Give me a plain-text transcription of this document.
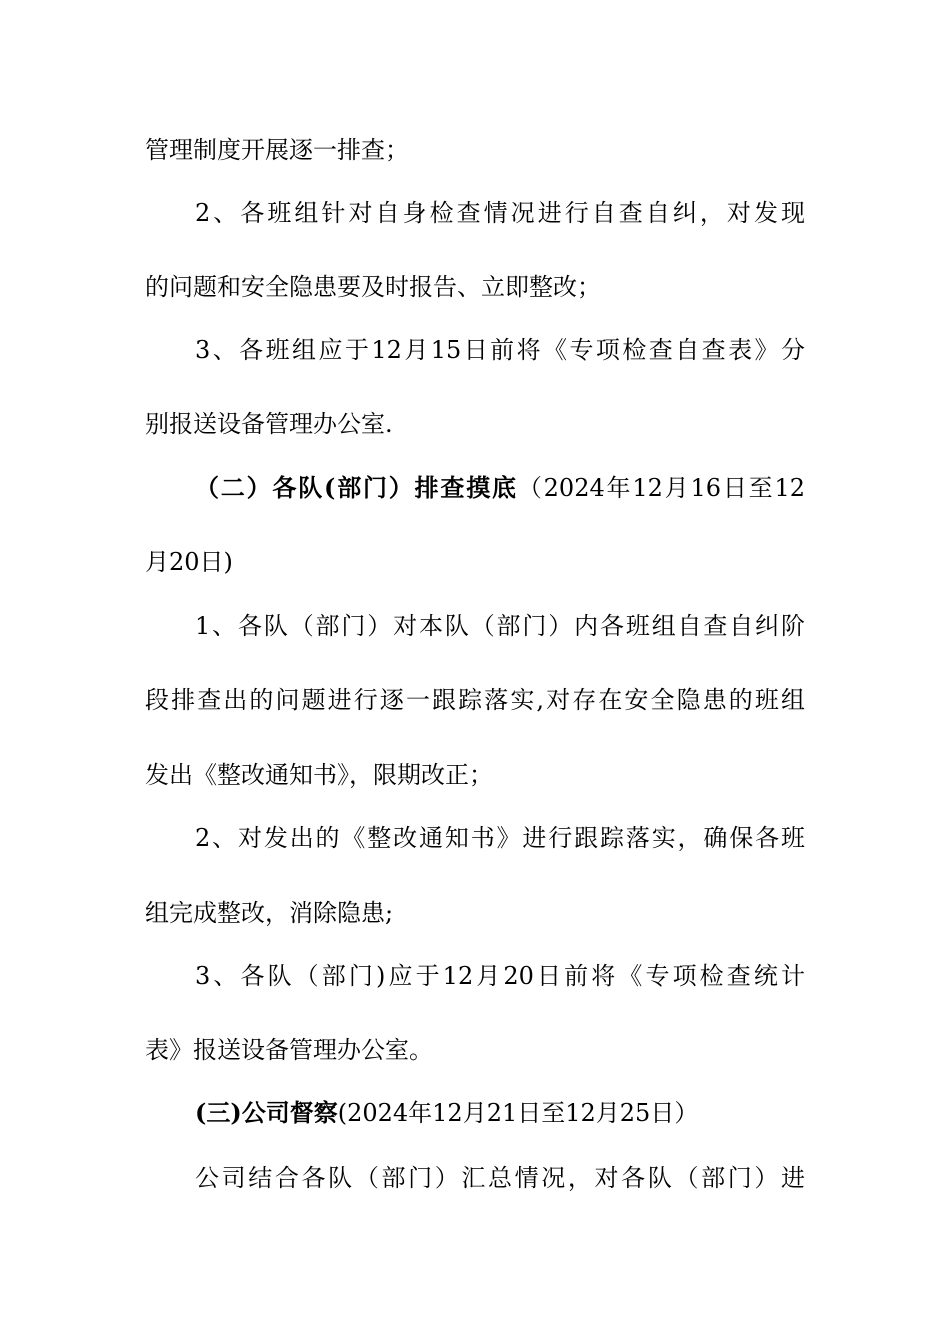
管理制度开展逐一排查；
2、各班组针对自身检查情况进行自查自纠，对发现
的问题和安全隐患要及时报告、立即整改；
3、各班组应于12月15日前将《专项检查自查表》分
别报送设备管理办公室.
（二）各队(部门）排查摸底（2024年12月16日至12
月20日)
1、各队（部门）对本队（部门）内各班组自查自纠阶
段排查出的问题进行逐一跟踪落实,对存在安全隐患的班组
发出《整改通知书》，限期改正；
2、对发出的《整改通知书》进行跟踪落实，确保各班
组完成整改，消除隐患;
3、各队（部门)应于12月20日前将《专项检查统计
表》报送设备管理办公室。
(三)公司督察(2024年12月21日至12月25日）
公司结合各队（部门）汇总情况，对各队（部门）进
